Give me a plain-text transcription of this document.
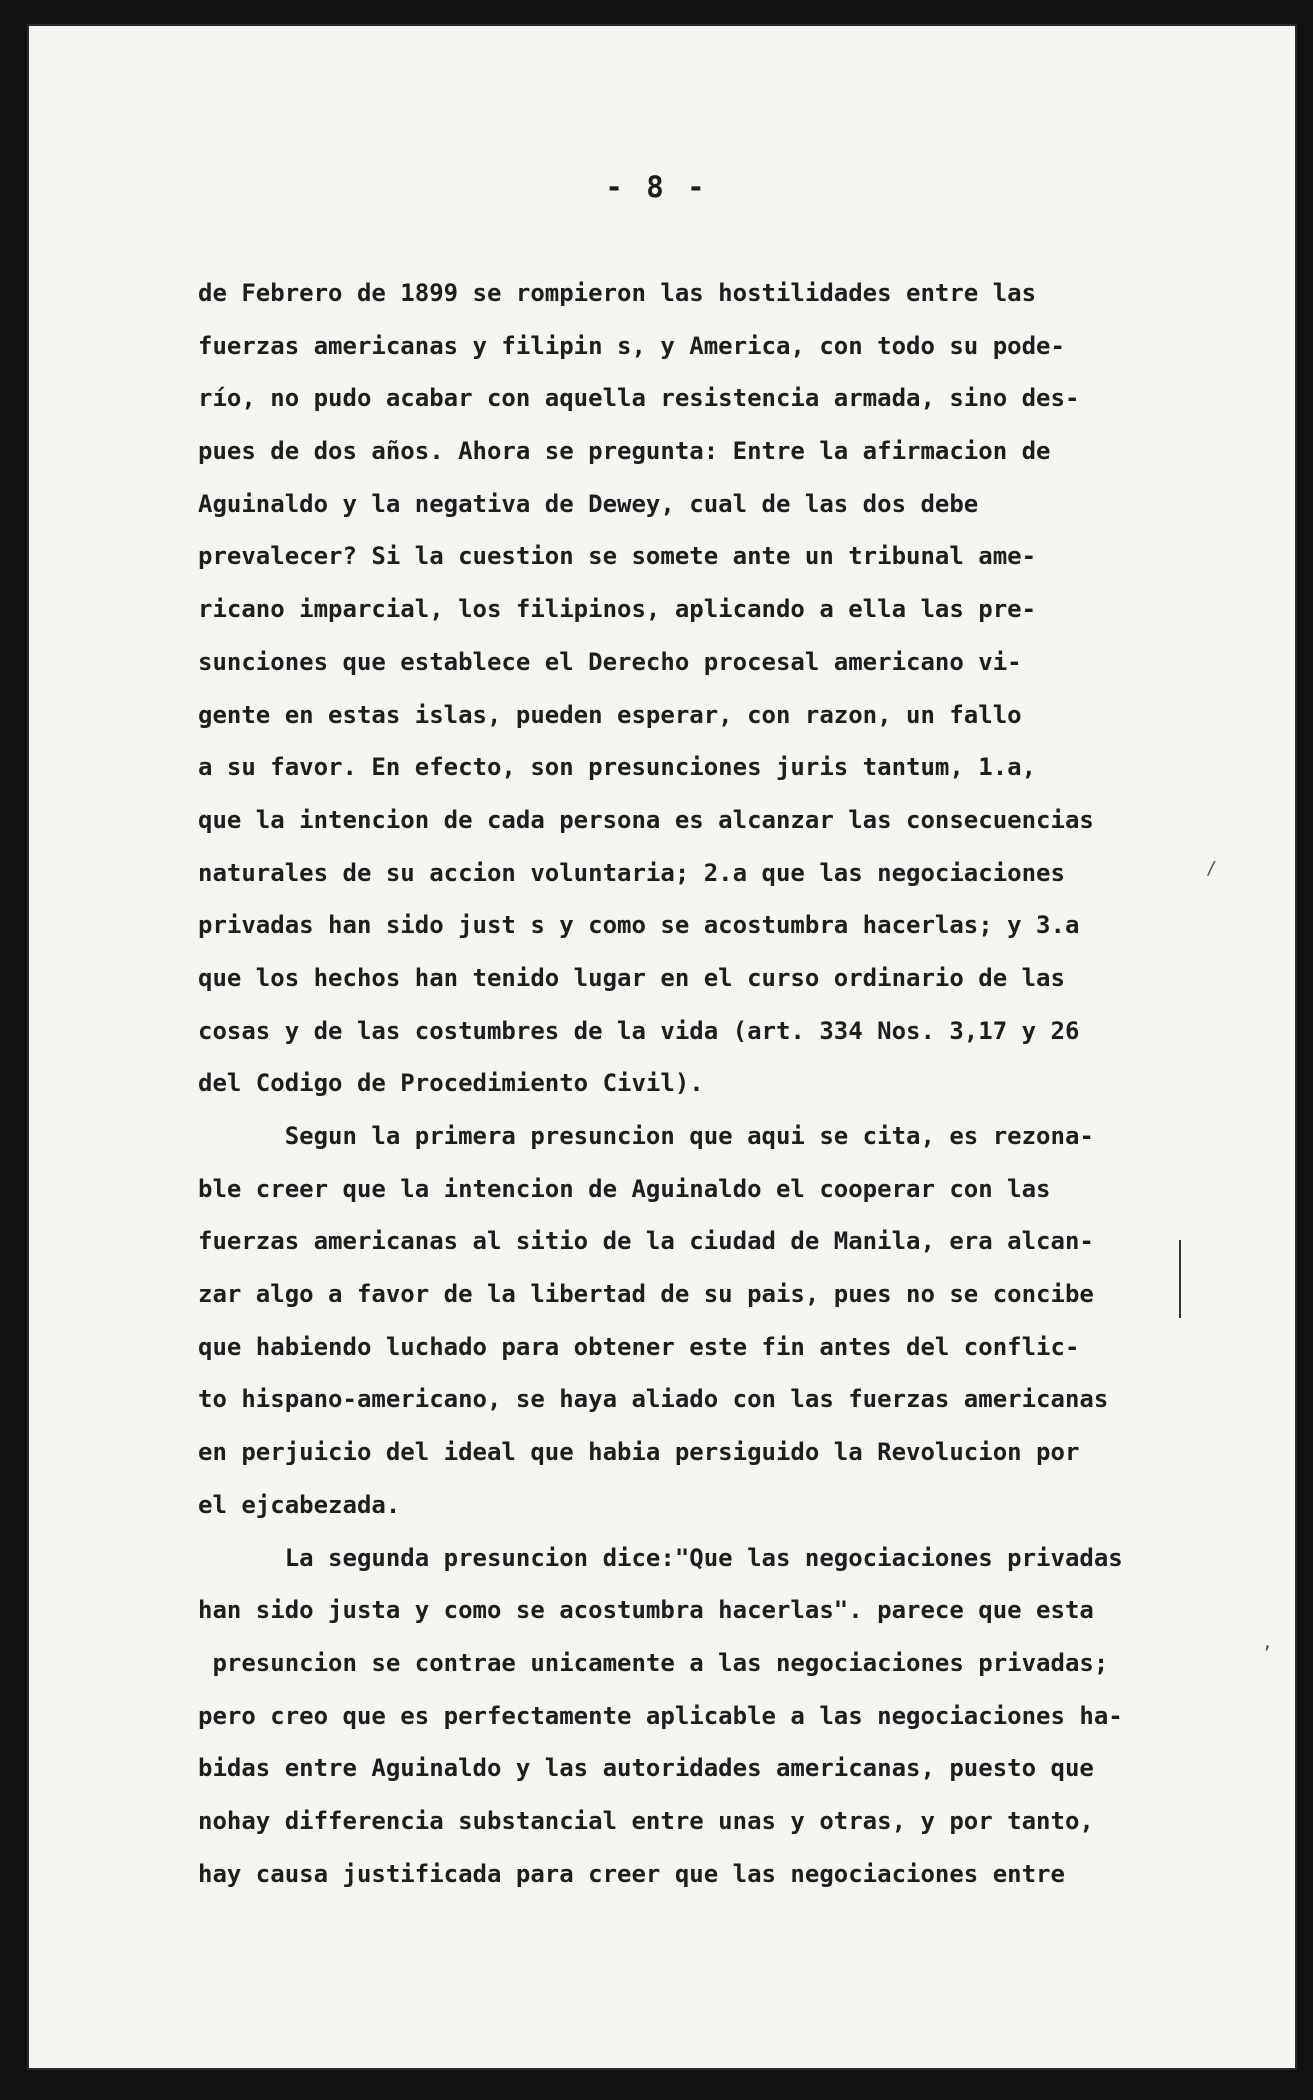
,
/
- 8 -
de Febrero de 1899 se rompieron las hostilidades entre las
fuerzas americanas y filipin s, y America, con todo su pode-
río, no pudo acabar con aquella resistencia armada, sino des-
pues de dos años. Ahora se pregunta: Entre la afirmacion de
Aguinaldo y la negativa de Dewey, cual de las dos debe
prevalecer? Si la cuestion se somete ante un tribunal ame-
ricano imparcial, los filipinos, aplicando a ella las pre-
sunciones que establece el Derecho procesal americano vi-
gente en estas islas, pueden esperar, con razon, un fallo
a su favor. En efecto, son presunciones juris tantum, 1.a,
que la intencion de cada persona es alcanzar las consecuencias
naturales de su accion voluntaria; 2.a que las negociaciones
privadas han sido just s y como se acostumbra hacerlas; y 3.a
que los hechos han tenido lugar en el curso ordinario de las
cosas y de las costumbres de la vida (art. 334 Nos. 3,17 y 26
del Codigo de Procedimiento Civil).
Segun la primera presuncion que aqui se cita, es rezona-
ble creer que la intencion de Aguinaldo el cooperar con las
fuerzas americanas al sitio de la ciudad de Manila, era alcan-
zar algo a favor de la libertad de su pais, pues no se concibe
que habiendo luchado para obtener este fin antes del conflic-
to hispano-americano, se haya aliado con las fuerzas americanas
en perjuicio del ideal que habia persiguido la Revolucion por
el ejcabezada.
La segunda presuncion dice:"Que las negociaciones privadas
han sido justa y como se acostumbra hacerlas". parece que esta
presuncion se contrae unicamente a las negociaciones privadas;
pero creo que es perfectamente aplicable a las negociaciones ha-
bidas entre Aguinaldo y las autoridades americanas, puesto que
nohay differencia substancial entre unas y otras, y por tanto,
hay causa justificada para creer que las negociaciones entre
